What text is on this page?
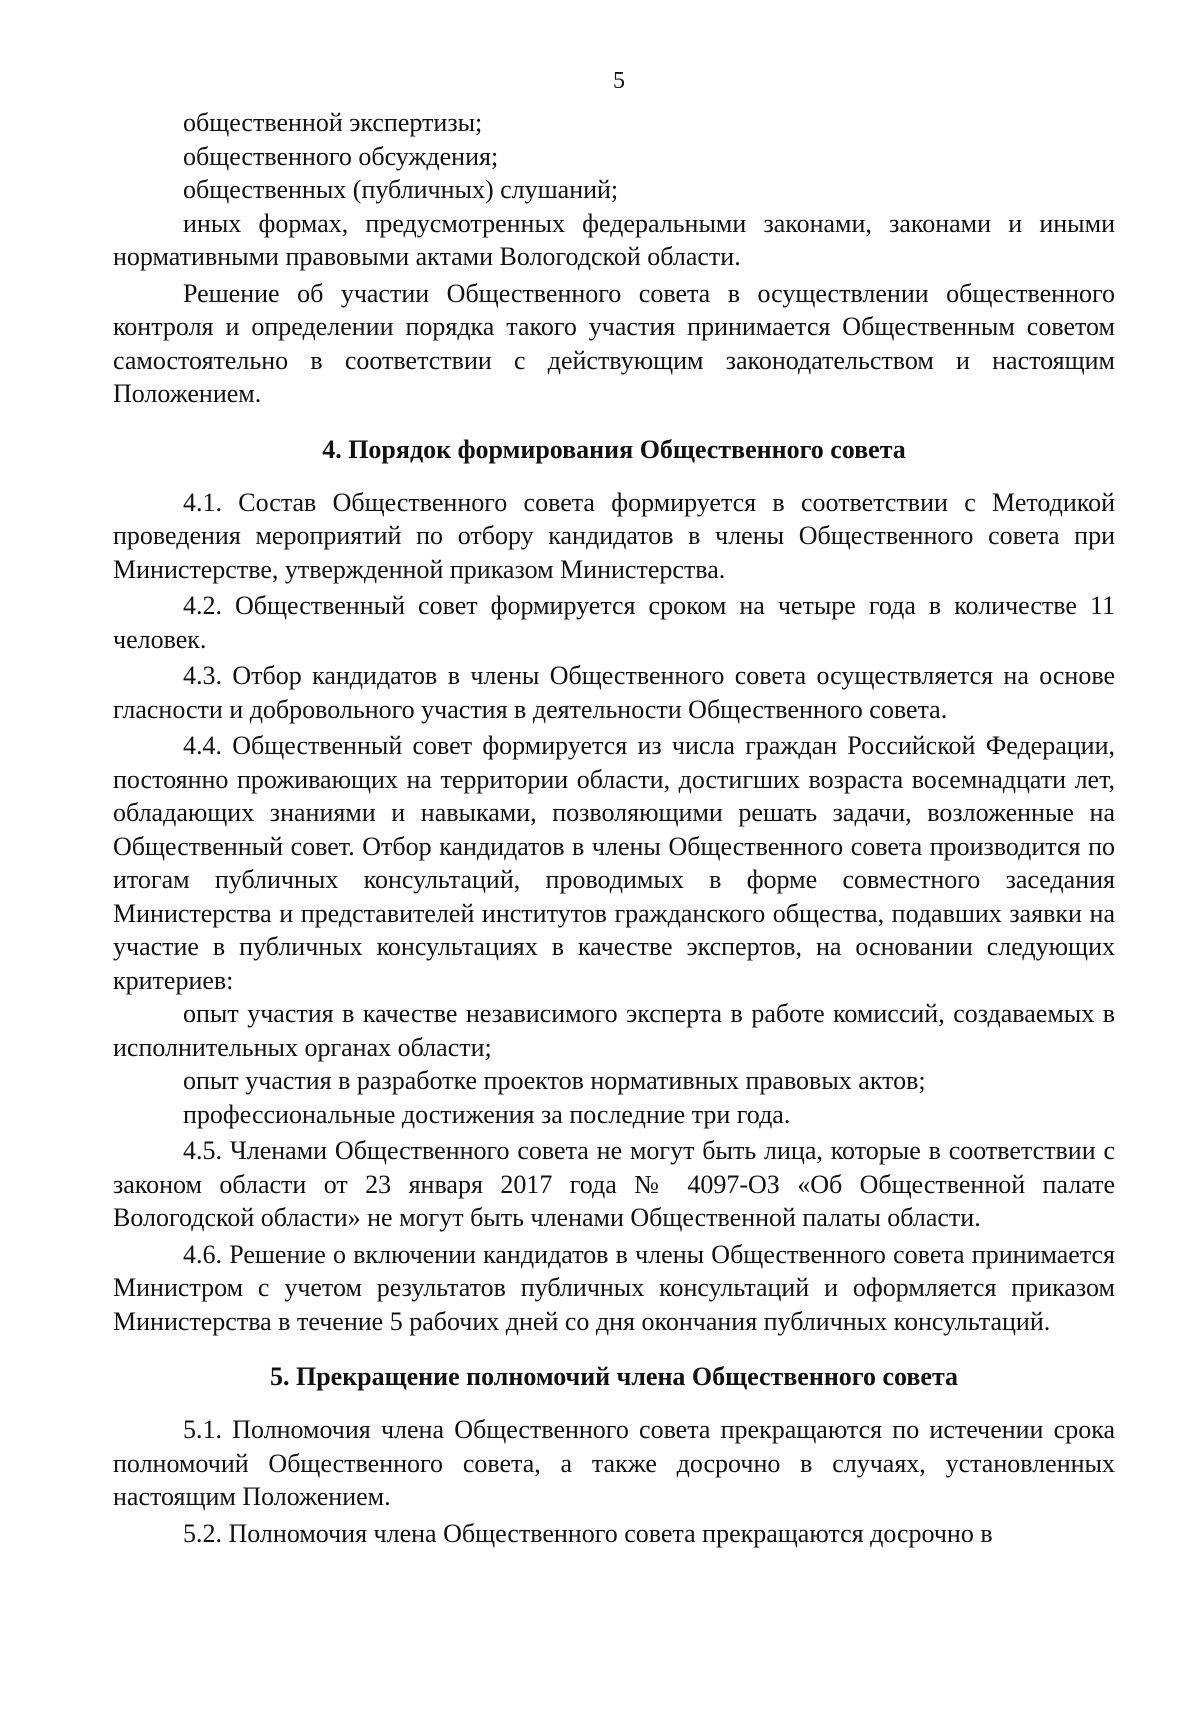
5

общественной экспертизы;

общественного обсуждения;

общественных (публичных) слушаний;

иных формах, предусмотренных федеральными законами, законами и иными нормативными правовыми актами Вологодской области.

Решение об участии Общественного совета в осуществлении общественного контроля и определении порядка такого участия принимается Общественным советом самостоятельно в соответствии с действующим законодательством и настоящим Положением.

4. Порядок формирования Общественного совета

4.1. Состав Общественного совета формируется в соответствии с Методикой проведения мероприятий по отбору кандидатов в члены Общественного совета при Министерстве, утвержденной приказом Министерства.

4.2. Общественный совет формируется сроком на четыре года в количестве 11 человек.

4.3. Отбор кандидатов в члены Общественного совета осуществляется на основе гласности и добровольного участия в деятельности Общественного совета.

4.4. Общественный совет формируется из числа граждан Российской Федерации, постоянно проживающих на территории области, достигших возраста восемнадцати лет, обладающих знаниями и навыками, позволяющими решать задачи, возложенные на Общественный совет. Отбор кандидатов в члены Общественного совета производится по итогам публичных консультаций, проводимых в форме совместного заседания Министерства и представителей институтов гражданского общества, подавших заявки на участие в публичных консультациях в качестве экспертов, на основании следующих критериев:

опыт участия в качестве независимого эксперта в работе комиссий, создаваемых в исполнительных органах области;

опыт участия в разработке проектов нормативных правовых актов;

профессиональные достижения за последние три года.

4.5. Членами Общественного совета не могут быть лица, которые в соответствии с законом области от 23 января 2017 года № 4097-ОЗ «Об Общественной палате Вологодской области» не могут быть членами Общественной палаты области.

4.6. Решение о включении кандидатов в члены Общественного совета принимается Министром с учетом результатов публичных консультаций и оформляется приказом Министерства в течение 5 рабочих дней со дня окончания публичных консультаций.

5. Прекращение полномочий члена Общественного совета

5.1. Полномочия члена Общественного совета прекращаются по истечении срока полномочий Общественного совета, а также досрочно в случаях, установленных настоящим Положением.

5.2. Полномочия члена Общественного совета прекращаются досрочно в
